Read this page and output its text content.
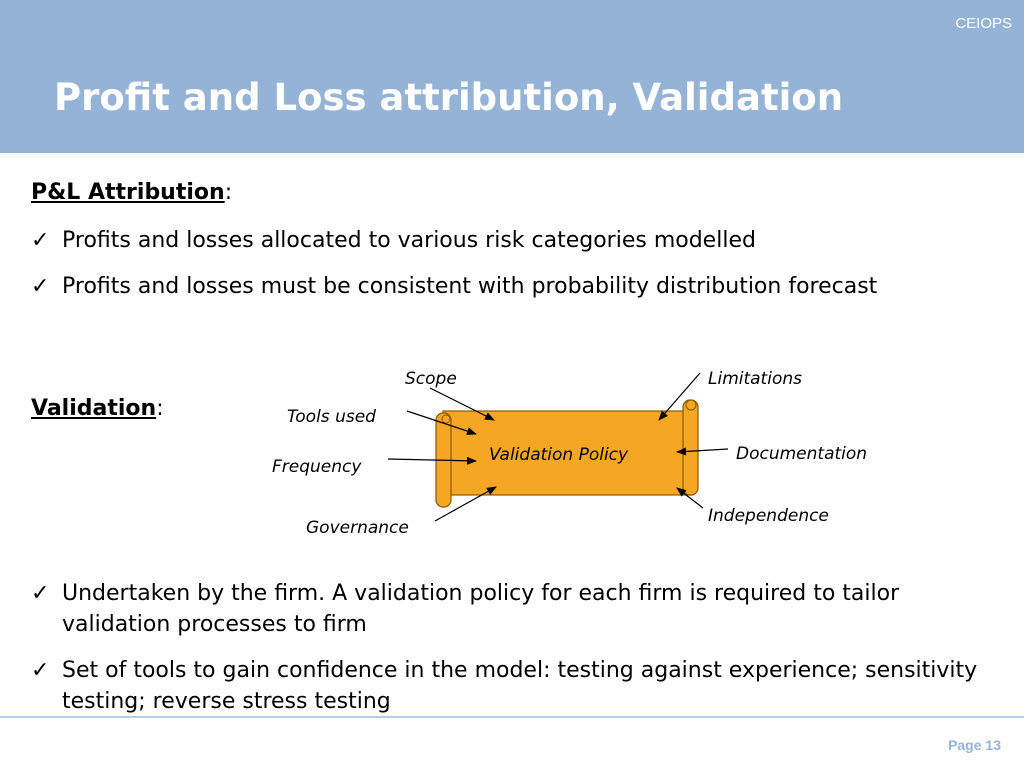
CEIOPS
Profit and Loss attribution, Validation
P&L Attribution:
✓ Profits and losses allocated to various risk categories modelled
✓ Profits and losses must be consistent with probability distribution forecast
Validation:
Validation Policy
Scope	Limitations
Tools used
Documentation
Frequency
Independence
Governance
✓ Undertaken by the firm. A validation policy for each firm is required to tailor validation processes to firm
✓ Set of tools to gain confidence in the model: testing against experience; sensitivity testing; reverse stress testing
Page 13
